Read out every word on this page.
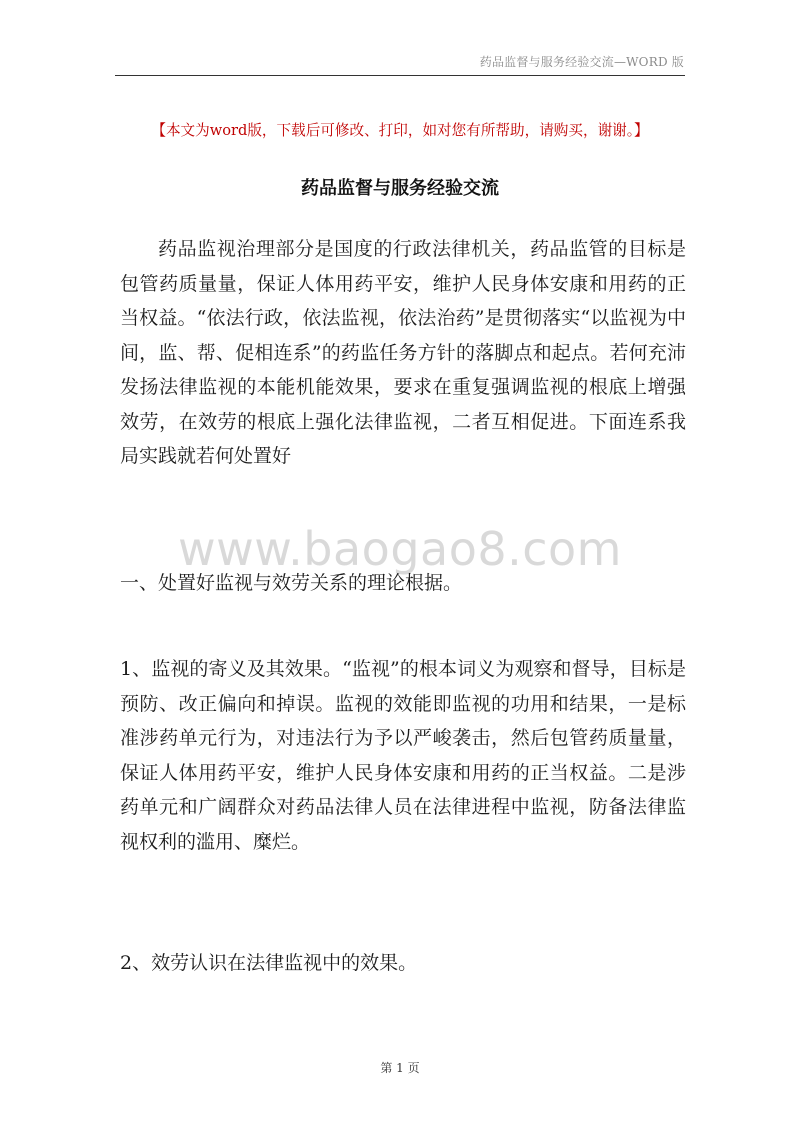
药品监督与服务经验交流—WORD 版
【本文为word版，下载后可修改、打印，如对您有所帮助，请购买，谢谢。】
药品监督与服务经验交流

药品监视治理部分是国度的行政法律机关，药品监管的目标是包管药质量量，保证人体用药平安，维护人民身体安康和用药的正当权益。“依法行政，依法监视，依法治药”是贯彻落实“以监视为中间，监、帮、促相连系”的药监任务方针的落脚点和起点。若何充沛发扬法律监视的本能机能效果，要求在重复强调监视的根底上增强效劳，在效劳的根底上强化法律监视，二者互相促进。下面连系我局实践就若何处置好

www.baogao8.com

一、处置好监视与效劳关系的理论根据。

1、监视的寄义及其效果。“监视”的根本词义为观察和督导，目标是预防、改正偏向和掉误。监视的效能即监视的功用和结果，一是标准涉药单元行为，对违法行为予以严峻袭击，然后包管药质量量，保证人体用药平安，维护人民身体安康和用药的正当权益。二是涉药单元和广阔群众对药品法律人员在法律进程中监视，防备法律监视权利的滥用、糜烂。

2、效劳认识在法律监视中的效果。

第 1 页
